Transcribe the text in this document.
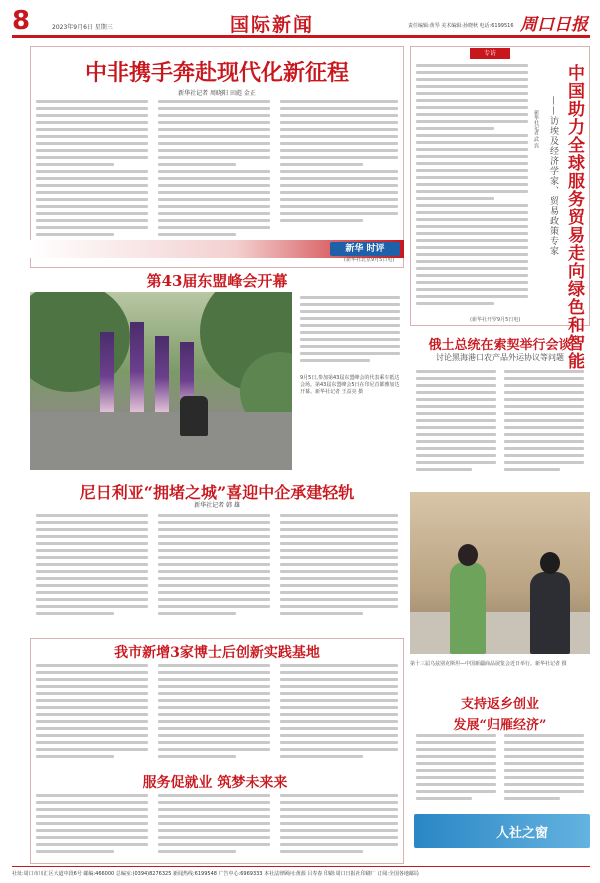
8	2023年9月6日 星期三	国际新闻	责任编辑:黄琴 美术编辑:孙晓秋 电话:6199516 周口日报
中非携手奔赴现代化新征程
新华社记者 周晓阳 田彪 金正
新华 时评
(新华社北京9月5日电)
专访
中国助力全球服务贸易走向绿色和智能
——访埃及经济学家、贸易政策专家
新华社记者 武 宾
(新华社开罗9月5日电)
第43届东盟峰会开幕
9月5日,参加第43届东盟峰会的代表乘车抵达会场。第43届东盟峰会5日在印尼首都雅加达开幕。新华社记者 王益亮 摄
俄土总统在索契举行会谈
讨论黑海港口农产品外运协议等问题
尼日利亚“拥堵之城”喜迎中企承建轻轨
新华社记者 韩 雄
第十三届乌兹别克斯坦—中国新疆商品展览会近日举行。新华社记者 摄
我市新增3家博士后创新实践基地
服务促就业 筑梦未来来
支持返乡创业
发展“归雁经济”
人社之窗
社址:周口市川汇区大道中段6号 邮编:466000 总编室:(0394)8276325 新闻热线:6199548 广告中心:6969333 本社法律顾问:黄源 吕寿春 印刷:周口日报社印刷厂 订阅:全国各地邮局
